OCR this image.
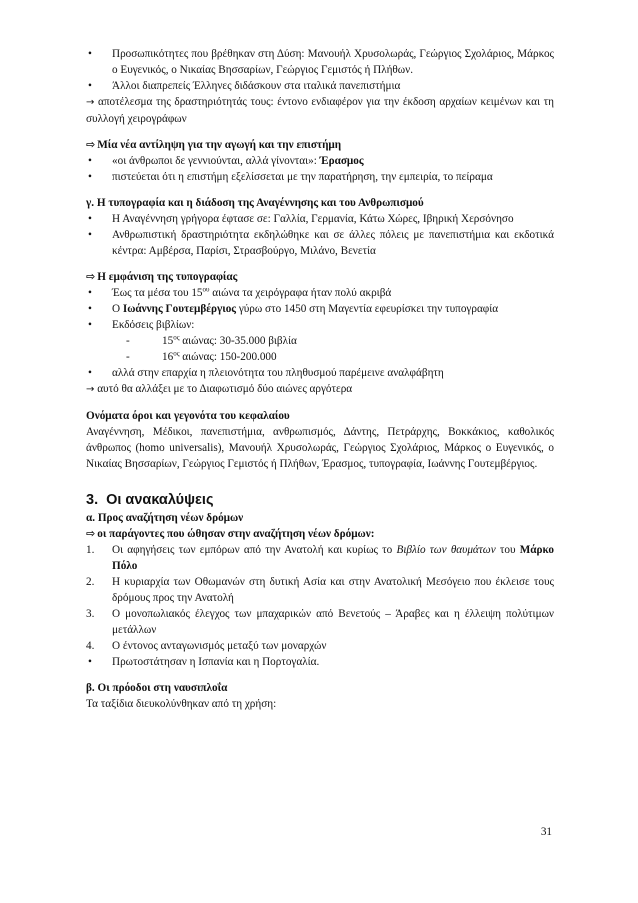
• Προσωπικότητες που βρέθηκαν στη Δύση: Μανουήλ Χρυσολωράς, Γεώργιος Σχολάριος, Μάρκος ο Ευγενικός, ο Νικαίας Βησσαρίων, Γεώργιος Γεμιστός ή Πλήθων.
• Άλλοι διαπρεπείς Έλληνες διδάσκουν στα ιταλικά πανεπιστήμια

→ αποτέλεσμα της δραστηριότητάς τους: έντονο ενδιαφέρον για την έκδοση αρχαίων κειμένων και τη συλλογή χειρογράφων

⇨ Μία νέα αντίληψη για την αγωγή και την επιστήμη

• «οι άνθρωποι δε γεννιούνται, αλλά γίνονται»: Έρασμος
• πιστεύεται ότι η επιστήμη εξελίσσεται με την παρατήρηση, την εμπειρία, το πείραμα

γ. Η τυπογραφία και η διάδοση της Αναγέννησης και του Ανθρωπισμού

• Η Αναγέννηση γρήγορα έφτασε σε: Γαλλία, Γερμανία, Κάτω Χώρες, Ιβηρική Χερσόνησο
• Ανθρωπιστική δραστηριότητα εκδηλώθηκε και σε άλλες πόλεις με πανεπιστήμια και εκδοτικά κέντρα: Αμβέρσα, Παρίσι, Στρασβούργο, Μιλάνο, Βενετία

⇨ Η εμφάνιση της τυπογραφίας

• Έως τα μέσα του $15^{o\upsilon}$ αιώνα τα χειρόγραφα ήταν πολύ ακριβά
• Ο Ιωάννης Γουτεμβέργιος γύρω στο 1450 στη Μαγεντία εφευρίσκει την τυπογραφία
• Εκδόσεις βιβλίων:
-	$15^{o\varsigma}$ αιώνας: 30-35.000 βιβλία
-	$16^{o\varsigma}$ αιώνας: 150-200.000
• αλλά στην επαρχία η πλειονότητα του πληθυσμού παρέμεινε αναλφάβητη

→ αυτό θα αλλάξει με το Διαφωτισμό δύο αιώνες αργότερα

Ονόματα όροι και γεγονότα του κεφαλαίου

Αναγέννηση, Μέδικοι, πανεπιστήμια, ανθρωπισμός, Δάντης, Πετράρχης, Βοκκάκιος, καθολικός άνθρωπος (homo universalis), Μανουήλ Χρυσολωράς, Γεώργιος Σχολάριος, Μάρκος ο Ευγενικός, ο Νικαίας Βησσαρίων, Γεώργιος Γεμιστός ή Πλήθων, Έρασμος, τυπογραφία, Ιωάννης Γουτεμβέργιος.

3. Οι ανακαλύψεις

α. Προς αναζήτηση νέων δρόμων

⇨ οι παράγοντες που ώθησαν στην αναζήτηση νέων δρόμων:

1. Οι αφηγήσεις των εμπόρων από την Ανατολή και κυρίως το Βιβλίο των θαυμάτων του Μάρκο Πόλο
2. Η κυριαρχία των Οθωμανών στη δυτική Ασία και στην Ανατολική Μεσόγειο που έκλεισε τους δρόμους προς την Ανατολή
3. Ο μονοπωλιακός έλεγχος των μπαχαρικών από Βενετούς – Άραβες και η έλλειψη πολύτιμων μετάλλων
4. Ο έντονος ανταγωνισμός μεταξύ των μοναρχών
• Πρωτοστάτησαν η Ισπανία και η Πορτογαλία.

β. Οι πρόοδοι στη ναυσιπλοΐα

Τα ταξίδια διευκολύνθηκαν από τη χρήση:

31
